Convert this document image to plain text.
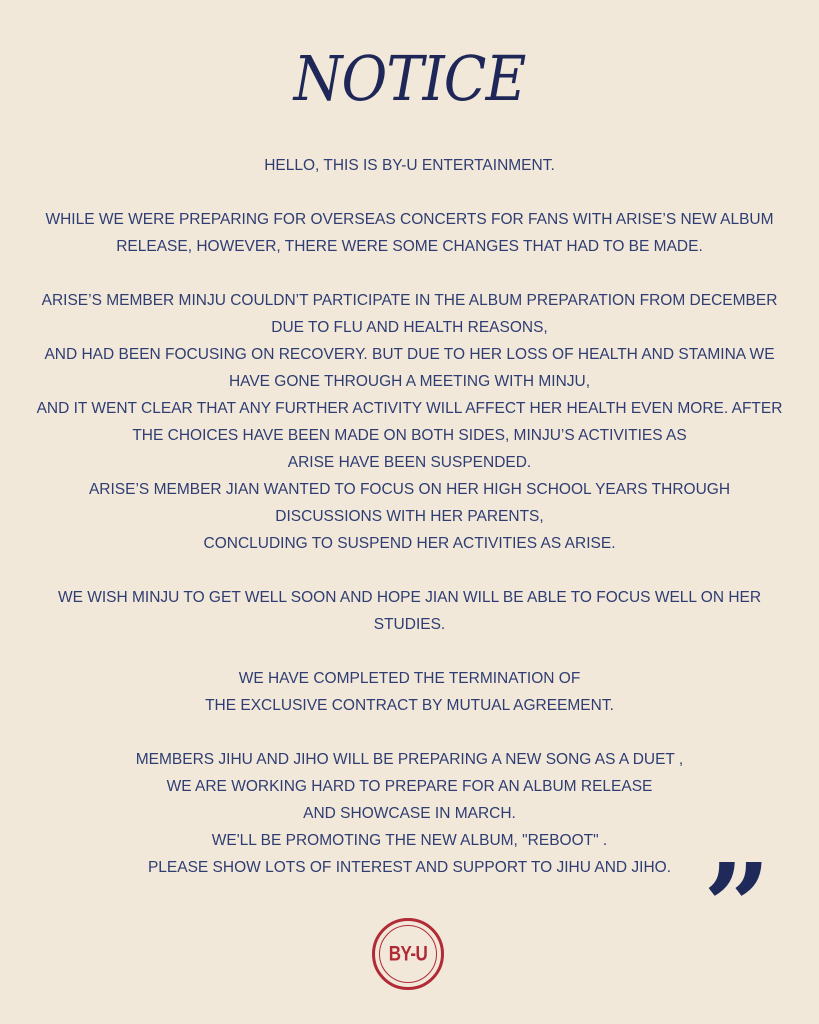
NOTICE
HELLO, THIS IS BY-U ENTERTAINMENT.
WHILE WE WERE PREPARING FOR OVERSEAS CONCERTS FOR FANS WITH ARISE’S NEW ALBUM
RELEASE, HOWEVER, THERE WERE SOME CHANGES THAT HAD TO BE MADE.
ARISE’S MEMBER MINJU COULDN’T PARTICIPATE IN THE ALBUM PREPARATION FROM DECEMBER
DUE TO FLU AND HEALTH REASONS,
AND HAD BEEN FOCUSING ON RECOVERY. BUT DUE TO HER LOSS OF HEALTH AND STAMINA WE
HAVE GONE THROUGH A MEETING WITH MINJU,
AND IT WENT CLEAR THAT ANY FURTHER ACTIVITY WILL AFFECT HER HEALTH EVEN MORE. AFTER
THE CHOICES HAVE BEEN MADE ON BOTH SIDES, MINJU’S ACTIVITIES AS
ARISE HAVE BEEN SUSPENDED.
ARISE’S MEMBER JIAN WANTED TO FOCUS ON HER HIGH SCHOOL YEARS THROUGH
DISCUSSIONS WITH HER PARENTS,
CONCLUDING TO SUSPEND HER ACTIVITIES AS ARISE.
WE WISH MINJU TO GET WELL SOON AND HOPE JIAN WILL BE ABLE TO FOCUS WELL ON HER
STUDIES.
WE HAVE COMPLETED THE TERMINATION OF
THE EXCLUSIVE CONTRACT BY MUTUAL AGREEMENT.
MEMBERS JIHU AND JIHO WILL BE PREPARING A NEW SONG AS A DUET ,
WE ARE WORKING HARD TO PREPARE FOR AN ALBUM RELEASE
AND SHOWCASE IN MARCH.
WE'LL BE PROMOTING THE NEW ALBUM, "REBOOT" .
PLEASE SHOW LOTS OF INTEREST AND SUPPORT TO JIHU AND JIHO. ”
BY-U
